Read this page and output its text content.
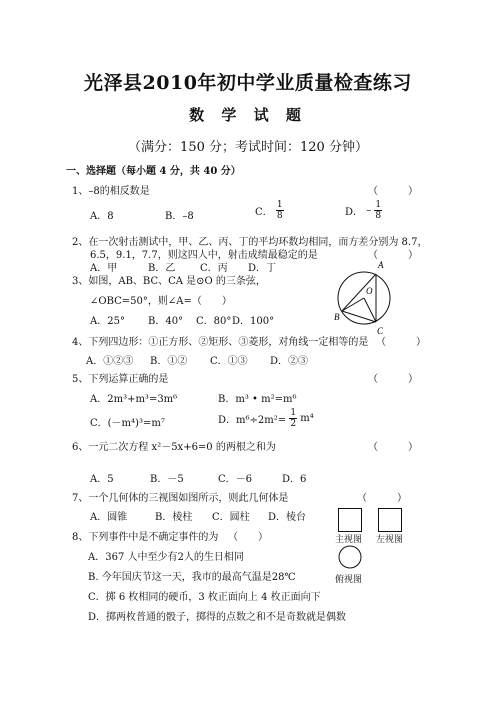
光泽县2010年初中学业质量检查练习
数 学 试 题
（满分：150 分；考试时间：120 分钟）
一、选择题（每小题 4 分，共 40 分）
1、–8的相反数是	（　　　）
A．8	B．–8	C． $\frac{1}{8}$	D． – $\frac{1}{8}$
2、在一次射击测试中，甲、乙、丙、丁的平均环数均相同，而方差分别为 8.7，
6.5，9.1，7.7，则这四人中，射击成绩最稳定的是	（　　　）
A．甲	B．乙 C．丙 D．丁
3、如图，AB、BC、CA 是⊙O 的三条弦，
∠OBC=50°，则∠A=（　　）
A．25° B．40° C．80° D．100°
A
B
C
O
4、下列四边形：①正方形、②矩形、③菱形，对角线一定相等的是 （　　　）
A．①②③ B．①② C．①③ D．②③
5、下列运算正确的是	（　　　）
A．2m³+m³=3m⁶	B．m³ • m²=m⁶
C．(－m⁴)³=m⁷	D．$m^6\div 2m^2= \frac{1}{2} m^4$
6、一元二次方程 x²－5x+6=0 的两根之和为	（　　　）
A．5	B．－5	C．－6	D．6
7、一个几何体的三视图如图所示，则此几何体是	（　　　）
A．圆锥	B．棱柱 C．圆柱 D．棱台
主视图 左视图
俯视图
8、下列事件中是不确定事件的为 （　　）
A．367 人中至少有2人的生日相同
B. 今年国庆节这一天，我市的最高气温是28℃
C．掷 6 枚相同的硬币，3 枚正面向上 4 枚正面向下
D．掷两枚普通的骰子，掷得的点数之和不是奇数就是偶数
